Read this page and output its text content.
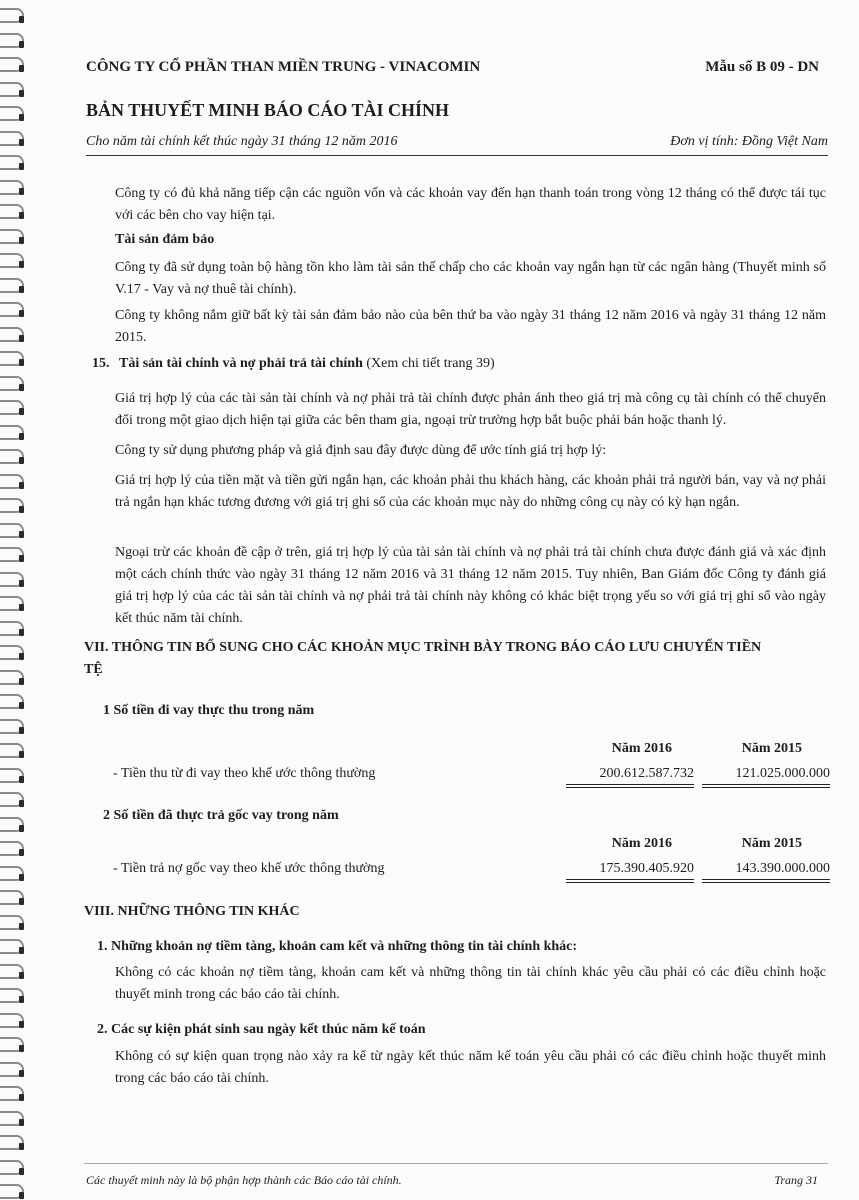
CÔNG TY CỔ PHẦN THAN MIỀN TRUNG - VINACOMIN	Mẫu số B 09 - DN
BẢN THUYẾT MINH BÁO CÁO TÀI CHÍNH
Cho năm tài chính kết thúc ngày 31 tháng 12 năm 2016	Đơn vị tính: Đồng Việt Nam
Công ty có đủ khả năng tiếp cận các nguồn vốn và các khoản vay đến hạn thanh toán trong vòng 12 tháng có thể được tái tục với các bên cho vay hiện tại.
Tài sản đảm bảo
Công ty đã sử dụng toàn bộ hàng tồn kho làm tài sản thế chấp cho các khoản vay ngắn hạn từ các ngân hàng (Thuyết minh số V.17 - Vay và nợ thuê tài chính).
Công ty không nắm giữ bất kỳ tài sản đảm bảo nào của bên thứ ba vào ngày 31 tháng 12 năm 2016 và ngày 31 tháng 12 năm 2015.
15. Tài sản tài chính và nợ phải trả tài chính (Xem chi tiết trang 39)
Giá trị hợp lý của các tài sản tài chính và nợ phải trả tài chính được phản ánh theo giá trị mà công cụ tài chính có thể chuyển đổi trong một giao dịch hiện tại giữa các bên tham gia, ngoại trừ trường hợp bắt buộc phải bán hoặc thanh lý.
Công ty sử dụng phương pháp và giả định sau đây được dùng để ước tính giá trị hợp lý:
Giá trị hợp lý của tiền mặt và tiền gửi ngắn hạn, các khoản phải thu khách hàng, các khoản phải trả người bán, vay và nợ phải trả ngắn hạn khác tương đương với giá trị ghi sổ của các khoản mục này do những công cụ này có kỳ hạn ngắn.
Ngoại trừ các khoản đề cập ở trên, giá trị hợp lý của tài sản tài chính và nợ phải trả tài chính chưa được đánh giá và xác định một cách chính thức vào ngày 31 tháng 12 năm 2016 và 31 tháng 12 năm 2015. Tuy nhiên, Ban Giám đốc Công ty đánh giá giá trị hợp lý của các tài sản tài chính và nợ phải trả tài chính này không có khác biệt trọng yếu so với giá trị ghi sổ vào ngày kết thúc năm tài chính.
VII. THÔNG TIN BỔ SUNG CHO CÁC KHOẢN MỤC TRÌNH BÀY TRONG BÁO CÁO LƯU CHUYỂN TIỀN
TỆ
1 Số tiền đi vay thực thu trong năm
Năm 2016	Năm 2015
- Tiền thu từ đi vay theo khế ước thông thường	200.612.587.732	121.025.000.000
2 Số tiền đã thực trả gốc vay trong năm
Năm 2016	Năm 2015
- Tiền trả nợ gốc vay theo khế ước thông thường	175.390.405.920	143.390.000.000
VIII. NHỮNG THÔNG TIN KHÁC
1. Những khoản nợ tiềm tàng, khoản cam kết và những thông tin tài chính khác:
Không có các khoản nợ tiềm tàng, khoản cam kết và những thông tin tài chính khác yêu cầu phải có các điều chỉnh hoặc thuyết minh trong các báo cáo tài chính.
2. Các sự kiện phát sinh sau ngày kết thúc năm kế toán
Không có sự kiện quan trọng nào xảy ra kể từ ngày kết thúc năm kế toán yêu cầu phải có các điều chỉnh hoặc thuyết minh trong các báo cáo tài chính.
Các thuyết minh này là bộ phận hợp thành các Báo cáo tài chính.	Trang 31
